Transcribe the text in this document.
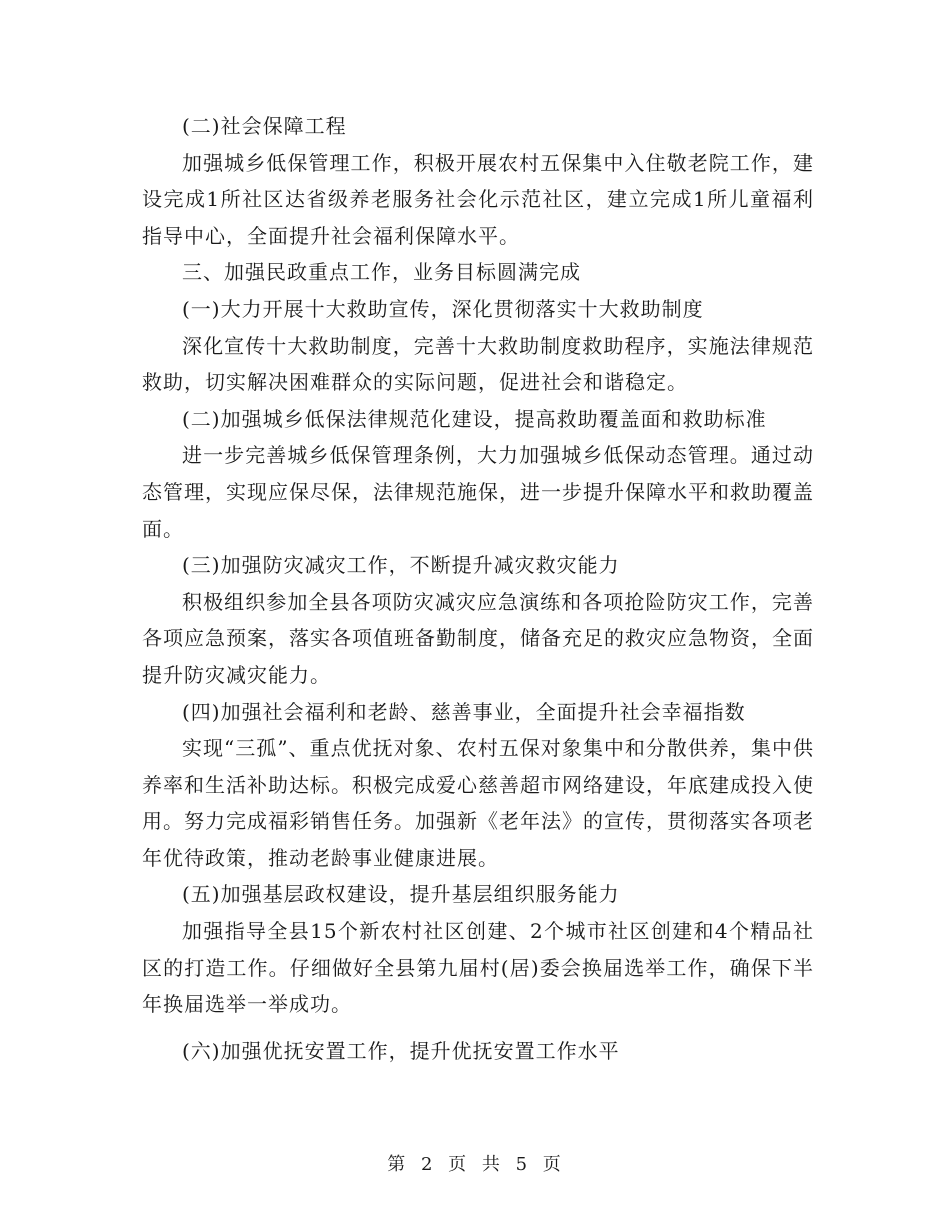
(二)社会保障工程

加强城乡低保管理工作，积极开展农村五保集中入住敬老院工作，建设完成1所社区达省级养老服务社会化示范社区，建立完成1所儿童福利指导中心，全面提升社会福利保障水平。

三、加强民政重点工作，业务目标圆满完成

(一)大力开展十大救助宣传，深化贯彻落实十大救助制度

深化宣传十大救助制度，完善十大救助制度救助程序，实施法律规范救助，切实解决困难群众的实际问题，促进社会和谐稳定。

(二)加强城乡低保法律规范化建设，提高救助覆盖面和救助标准

进一步完善城乡低保管理条例，大力加强城乡低保动态管理。通过动态管理，实现应保尽保，法律规范施保，进一步提升保障水平和救助覆盖面。

(三)加强防灾减灾工作，不断提升减灾救灾能力

积极组织参加全县各项防灾减灾应急演练和各项抢险防灾工作，完善各项应急预案，落实各项值班备勤制度，储备充足的救灾应急物资，全面提升防灾减灾能力。

(四)加强社会福利和老龄、慈善事业，全面提升社会幸福指数

实现“三孤”、重点优抚对象、农村五保对象集中和分散供养，集中供养率和生活补助达标。积极完成爱心慈善超市网络建设，年底建成投入使用。努力完成福彩销售任务。加强新《老年法》的宣传，贯彻落实各项老年优待政策，推动老龄事业健康进展。

(五)加强基层政权建设，提升基层组织服务能力

加强指导全县15个新农村社区创建、2个城市社区创建和4个精品社区的打造工作。仔细做好全县第九届村(居)委会换届选举工作，确保下半年换届选举一举成功。

(六)加强优抚安置工作，提升优抚安置工作水平

第 2 页 共 5 页
